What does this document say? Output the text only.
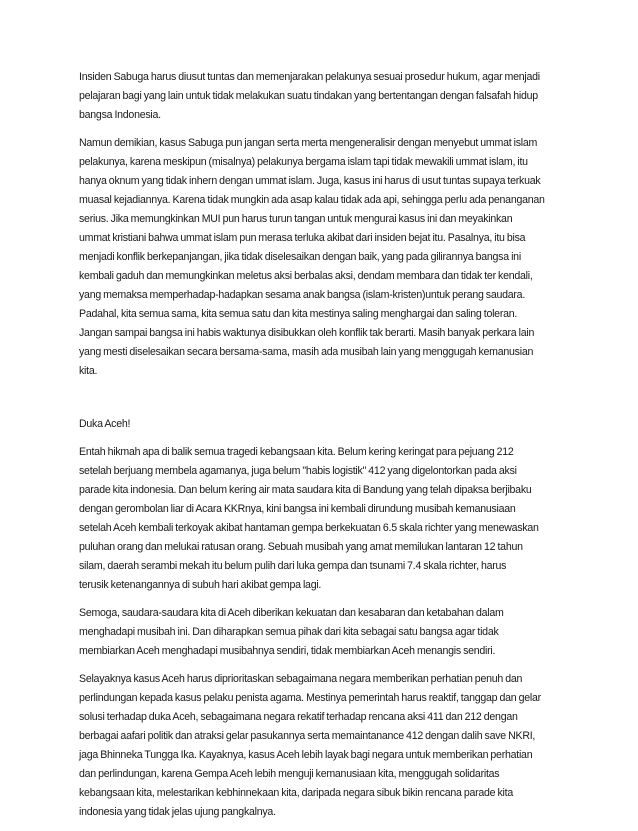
Insiden Sabuga harus diusut tuntas dan memenjarakan pelakunya sesuai prosedur hukum, agar menjadi
pelajaran bagi yang lain untuk tidak melakukan suatu tindakan yang bertentangan dengan falsafah hidup
bangsa Indonesia.
Namun demikian, kasus Sabuga pun jangan serta merta mengeneralisir dengan menyebut ummat islam
pelakunya, karena meskipun (misalnya) pelakunya bergama islam tapi tidak mewakili ummat islam, itu
hanya oknum yang tidak inhern dengan ummat islam. Juga, kasus ini harus di usut tuntas supaya terkuak
muasal kejadiannya. Karena tidak mungkin ada asap kalau tidak ada api, sehingga perlu ada penanganan
serius. Jika memungkinkan MUI pun harus turun tangan untuk mengurai kasus ini dan meyakinkan
ummat kristiani bahwa ummat islam pun merasa terluka akibat dari insiden bejat itu. Pasalnya, itu bisa
menjadi konflik berkepanjangan, jika tidak diselesaikan dengan baik, yang pada gilirannya bangsa ini
kembali gaduh dan memungkinkan meletus aksi berbalas aksi, dendam membara dan tidak ter kendali,
yang memaksa memperhadap-hadapkan sesama anak bangsa (islam-kristen)untuk perang saudara.
Padahal, kita semua sama, kita semua satu dan kita mestinya saling menghargai dan saling toleran.
Jangan sampai bangsa ini habis waktunya disibukkan oleh konflik tak berarti. Masih banyak perkara lain
yang mesti diselesaikan secara bersama-sama, masih ada musibah lain yang menggugah kemanusian
kita.
Duka Aceh!
Entah hikmah apa di balik semua tragedi kebangsaan kita. Belum kering keringat para pejuang 212
setelah berjuang membela agamanya, juga belum "habis logistik" 412 yang digelontorkan pada aksi
parade kita indonesia. Dan belum kering air mata saudara kita di Bandung yang telah dipaksa berjibaku
dengan gerombolan liar di Acara KKRnya, kini bangsa ini kembali dirundung musibah kemanusiaan
setelah Aceh kembali terkoyak akibat hantaman gempa berkekuatan 6.5 skala richter yang menewaskan
puluhan orang dan melukai ratusan orang. Sebuah musibah yang amat memilukan lantaran 12 tahun
silam, daerah serambi mekah itu belum pulih dari luka gempa dan tsunami 7.4 skala richter, harus
terusik ketenangannya di subuh hari akibat gempa lagi.
Semoga, saudara-saudara kita di Aceh diberikan kekuatan dan kesabaran dan ketabahan dalam
menghadapi musibah ini. Dan diharapkan semua pihak dari kita sebagai satu bangsa agar tidak
membiarkan Aceh menghadapi musibahnya sendiri, tidak membiarkan Aceh menangis sendiri.
Selayaknya kasus Aceh harus diprioritaskan sebagaimana negara memberikan perhatian penuh dan
perlindungan kepada kasus pelaku penista agama. Mestinya pemerintah harus reaktif, tanggap dan gelar
solusi terhadap duka Aceh, sebagaimana negara rekatif terhadap rencana aksi 411 dan 212 dengan
berbagai aafari politik dan atraksi gelar pasukannya serta memaintanance 412 dengan dalih save NKRI,
jaga Bhinneka Tungga Ika. Kayaknya, kasus Aceh lebih layak bagi negara untuk memberikan perhatian
dan perlindungan, karena Gempa Aceh lebih menguji kemanusiaan kita, menggugah solidaritas
kebangsaan kita, melestarikan kebhinnekaan kita, daripada negara sibuk bikin rencana parade kita
indonesia yang tidak jelas ujung pangkalnya.
